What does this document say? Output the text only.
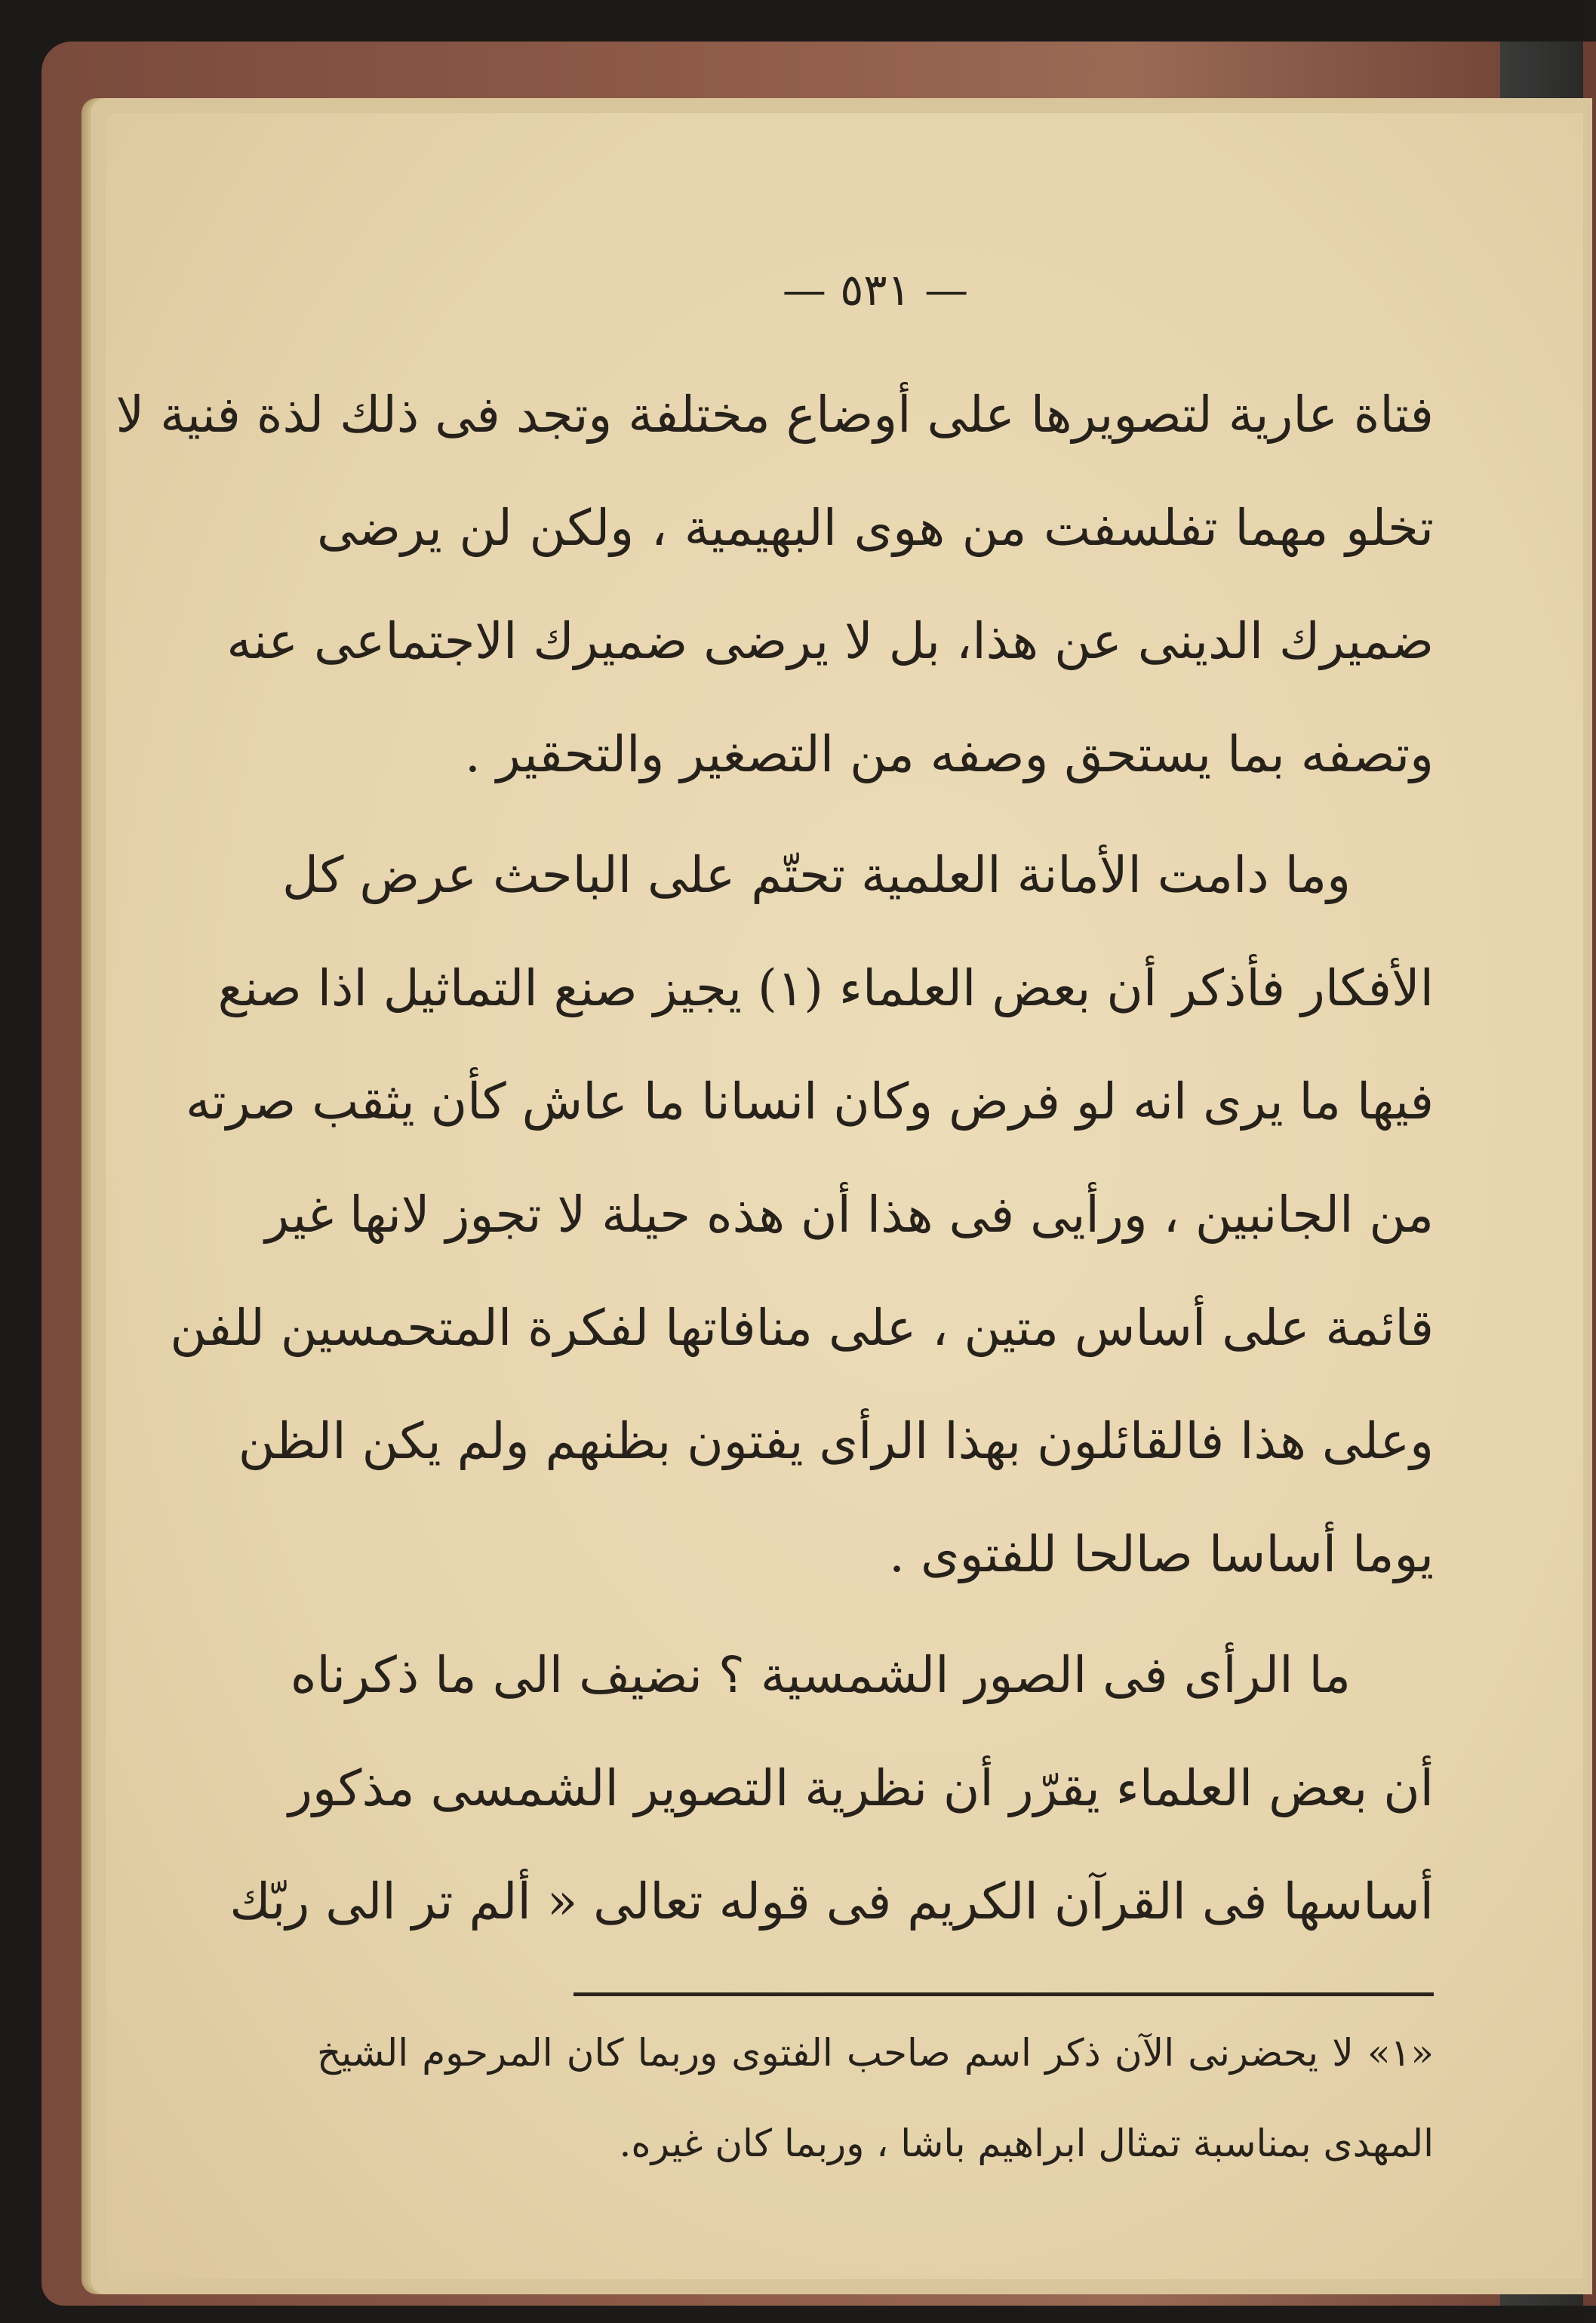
— ٥٣١ —
فتاة عارية لتصويرها على أوضاع مختلفة وتجد فى ذلك لذة فنية لا
تخلو مهما تفلسفت من هوى البهيمية ، ولكن لن يرضى
ضميرك الدينى عن هذا، بل لا يرضى ضميرك الاجتماعى عنه
وتصفه بما يستحق وصفه من التصغير والتحقير .
وما دامت الأمانة العلمية تحتّم على الباحث عرض كل
الأفكار فأذكر أن بعض العلماء (١) يجيز صنع التماثيل اذا صنع
فيها ما يرى انه لو فرض وكان انسانا ما عاش كأن يثقب صرته
من الجانبين ، ورأيى فى هذا أن هذه حيلة لا تجوز لانها غير
قائمة على أساس متين ، على منافاتها لفكرة المتحمسين للفن
وعلى هذا فالقائلون بهذا الرأى يفتون بظنهم ولم يكن الظن
يوما أساسا صالحا للفتوى .
ما الرأى فى الصور الشمسية ؟ نضيف الى ما ذكرناه
أن بعض العلماء يقرّر أن نظرية التصوير الشمسى مذكور
أساسها فى القرآن الكريم فى قوله تعالى « ألم تر الى ربّك
«١» لا يحضرنى الآن ذكر اسم صاحب الفتوى وربما كان المرحوم الشيخ
المهدى بمناسبة تمثال ابراهيم باشا ، وربما كان غيره.
